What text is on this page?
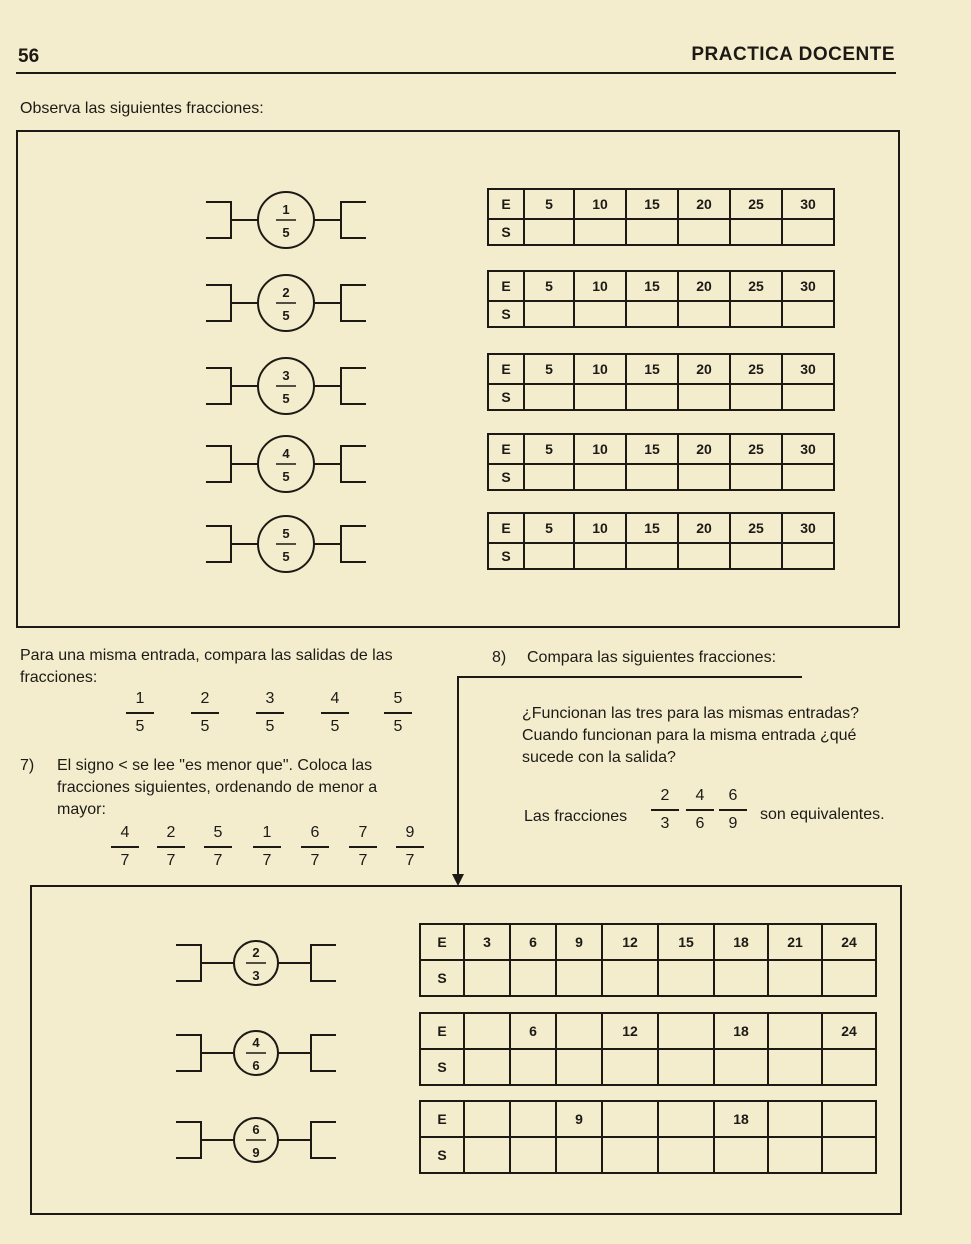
56	PRACTICA DOCENTE
Observa las siguientes fracciones:
1
5
2
5
3
5
4
5
5
5
E	5	10	15	20	25	30
S						
E	5	10	15	20	25	30
S						
E	5	10	15	20	25	30
S						
E	5	10	15	20	25	30
S						
E	5	10	15	20	25	30
S						
Para una misma entrada, compara las salidas de las fracciones:
1
5
2
5
3
5
4
5
5
5
7) El signo < se lee "es menor que". Coloca las fracciones siguientes, ordenando de menor a mayor:
4
7
2
7
5
7
1
7
6
7
7
7
9
7
8) Compara las siguientes fracciones:
¿Funcionan las tres para las mismas entradas? Cuando funcionan para la misma entrada ¿qué sucede con la salida?
Las fracciones
2
3
4
6
6
9	son equivalentes.
2
3
4
6
6
9
E	3	6	9	12	15	18	21	24
S								
E		6		12		18		24
S								
E			9			18		
S								
